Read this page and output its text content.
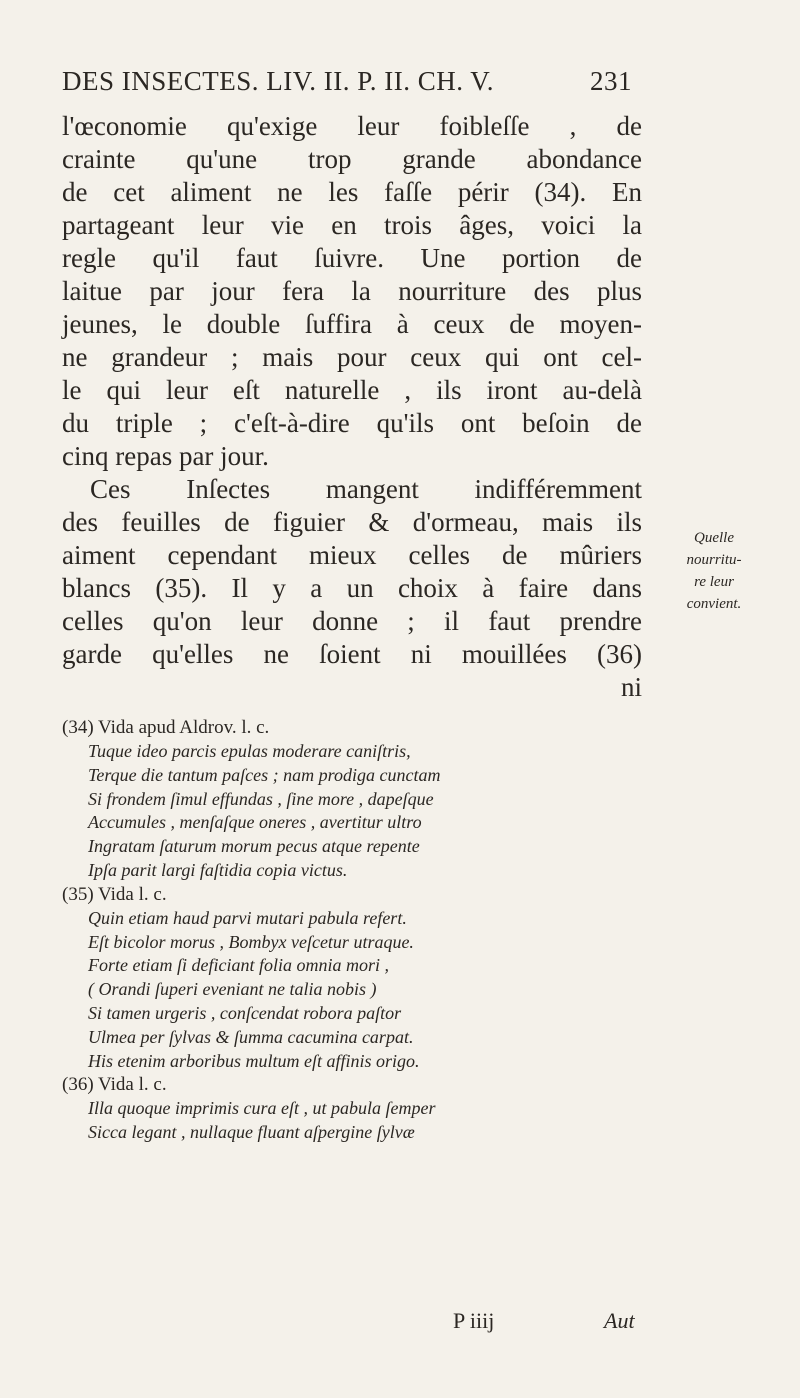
DES INSECTES. LIV. II. P. II. CH. V.	231
l'œconomie qu'exige leur foibleſſe , de
crainte qu'une trop grande abondance
de cet aliment ne les faſſe périr (34). En
partageant leur vie en trois âges, voici la
regle qu'il faut ſuivre. Une portion de
laitue par jour fera la nourriture des plus
jeunes, le double ſuffira à ceux de moyen-
ne grandeur ; mais pour ceux qui ont cel-
le qui leur eſt naturelle , ils iront au-delà
du triple ; c'eſt-à-dire qu'ils ont beſoin de
cinq repas par jour.
Ces Inſectes mangent indifféremment
des feuilles de figuier & d'ormeau, mais ils
aiment cependant mieux celles de mûriers
blancs (35). Il y a un choix à faire dans
celles qu'on leur donne ; il faut prendre
garde qu'elles ne ſoient ni mouillées (36)
ni
Quelle
nourritu-
re leur
convient.
(34) Vida apud Aldrov. l. c.
Tuque ideo parcis epulas moderare caniſtris,
Terque die tantum paſces ; nam prodiga cunctam
Si frondem ſimul effundas , ſine more , dapeſque
Accumules , menſaſque oneres , avertitur ultro
Ingratam ſaturum morum pecus atque repente
Ipſa parit largi faſtidia copia victus.
(35) Vida l. c.
Quin etiam haud parvi mutari pabula refert.
Eſt bicolor morus , Bombyx veſcetur utraque.
Forte etiam ſi deficiant folia omnia mori ,
( Orandi ſuperi eveniant ne talia nobis )
Si tamen urgeris , conſcendat robora paſtor
Ulmea per ſylvas & ſumma cacumina carpat.
His etenim arboribus multum eſt affinis origo.
(36) Vida l. c.
Illa quoque imprimis cura eſt , ut pabula ſemper
Sicca legant , nullaque fluant aſpergine ſylvæ
P iiij	Aut
